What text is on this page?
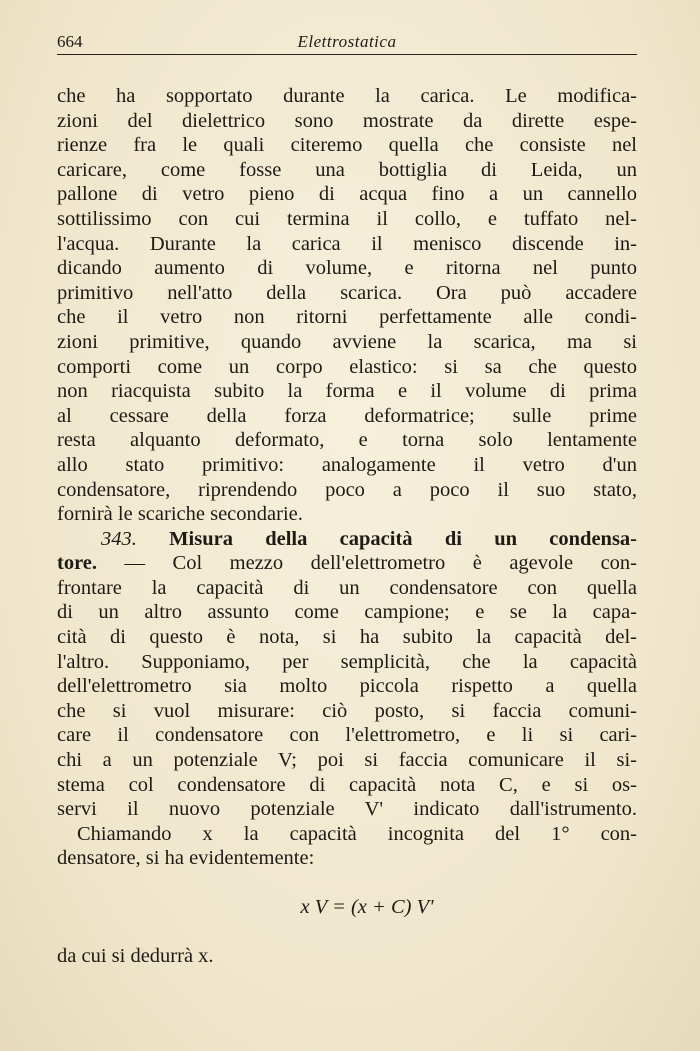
664	Elettrostatica
che ha sopportato durante la carica. Le modifica-
zioni del dielettrico sono mostrate da dirette espe-
rienze fra le quali citeremo quella che consiste nel
caricare, come fosse una bottiglia di Leida, un
pallone di vetro pieno di acqua fino a un cannello
sottilissimo con cui termina il collo, e tuffato nel-
l'acqua. Durante la carica il menisco discende in-
dicando aumento di volume, e ritorna nel punto
primitivo nell'atto della scarica. Ora può accadere
che il vetro non ritorni perfettamente alle condi-
zioni primitive, quando avviene la scarica, ma si
comporti come un corpo elastico: si sa che questo
non riacquista subito la forma e il volume di prima
al cessare della forza deformatrice; sulle prime
resta alquanto deformato, e torna solo lentamente
allo stato primitivo: analogamente il vetro d'un
condensatore, riprendendo poco a poco il suo stato,
fornirà le scariche secondarie.
343. Misura della capacità di un condensa-
tore. — Col mezzo dell'elettrometro è agevole con-
frontare la capacità di un condensatore con quella
di un altro assunto come campione; e se la capa-
cità di questo è nota, si ha subito la capacità del-
l'altro. Supponiamo, per semplicità, che la capacità
dell'elettrometro sia molto piccola rispetto a quella
che si vuol misurare: ciò posto, si faccia comuni-
care il condensatore con l'elettrometro, e li si cari-
chi a un potenziale V; poi si faccia comunicare il si-
stema col condensatore di capacità nota C, e si os-
servi il nuovo potenziale V' indicato dall'istrumento.
Chiamando x la capacità incognita del 1° con-
densatore, si ha evidentemente:
x V = (x + C) V'
da cui si dedurrà x.
